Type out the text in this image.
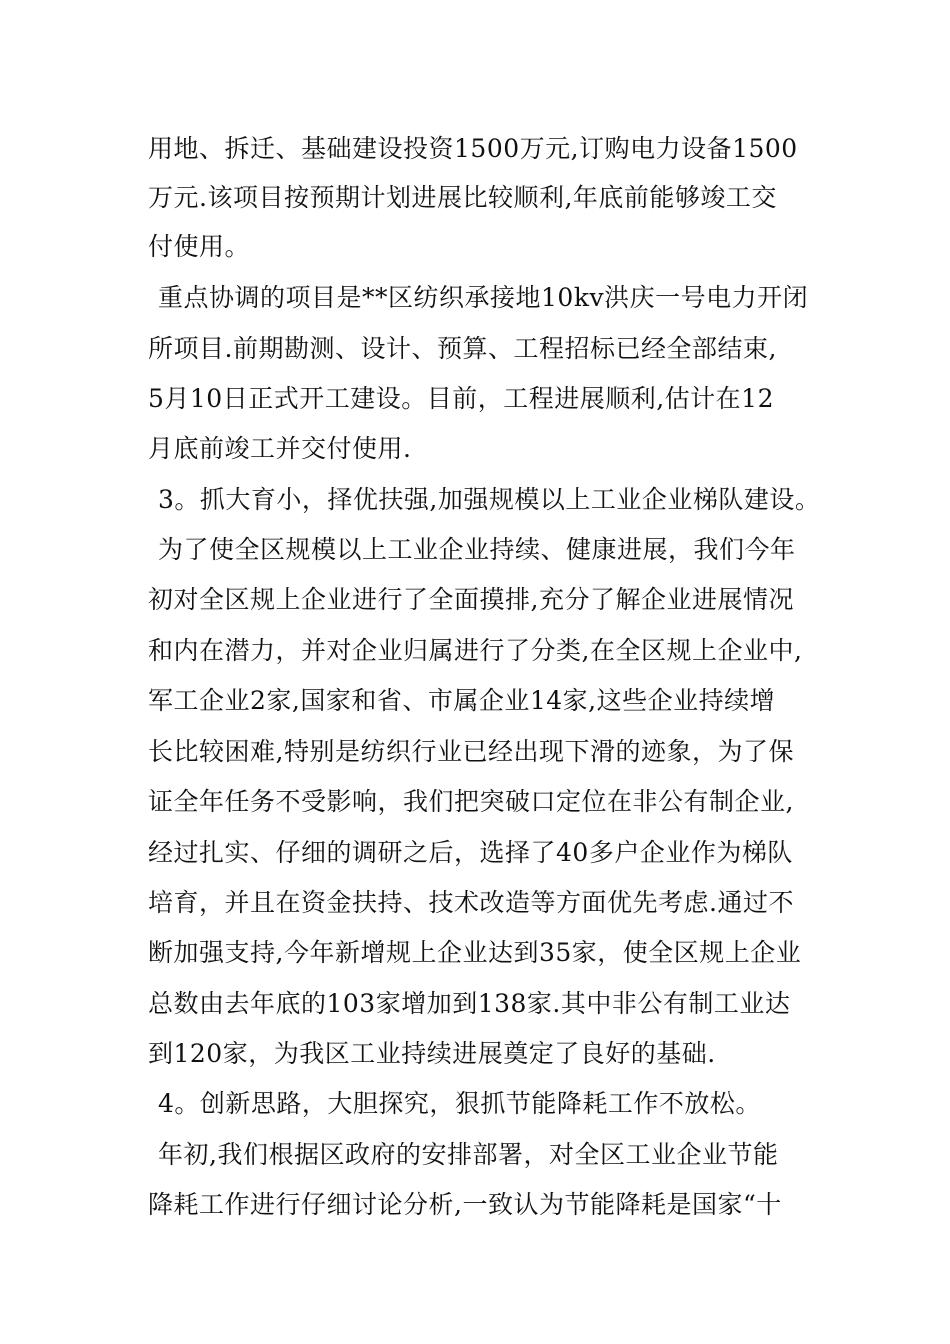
用地、拆迁、基础建设投资1500万元,订购电力设备1500
万元.该项目按预期计划进展比较顺利,年底前能够竣工交
付使用。
重点协调的项目是**区纺织承接地10kv洪庆一号电力开闭
所项目.前期勘测、设计、预算、工程招标已经全部结束,
5月10日正式开工建设。目前，工程进展顺利,估计在12
月底前竣工并交付使用.
3。抓大育小，择优扶强,加强规模以上工业企业梯队建设。
为了使全区规模以上工业企业持续、健康进展，我们今年
初对全区规上企业进行了全面摸排,充分了解企业进展情况
和内在潜力，并对企业归属进行了分类,在全区规上企业中,
军工企业2家,国家和省、市属企业14家,这些企业持续增
长比较困难,特别是纺织行业已经出现下滑的迹象，为了保
证全年任务不受影响，我们把突破口定位在非公有制企业,
经过扎实、仔细的调研之后，选择了40多户企业作为梯队
培育，并且在资金扶持、技术改造等方面优先考虑.通过不
断加强支持,今年新增规上企业达到35家，使全区规上企业
总数由去年底的103家增加到138家.其中非公有制工业达
到120家，为我区工业持续进展奠定了良好的基础.
4。创新思路，大胆探究，狠抓节能降耗工作不放松。
年初,我们根据区政府的安排部署，对全区工业企业节能
降耗工作进行仔细讨论分析,一致认为节能降耗是国家“十
